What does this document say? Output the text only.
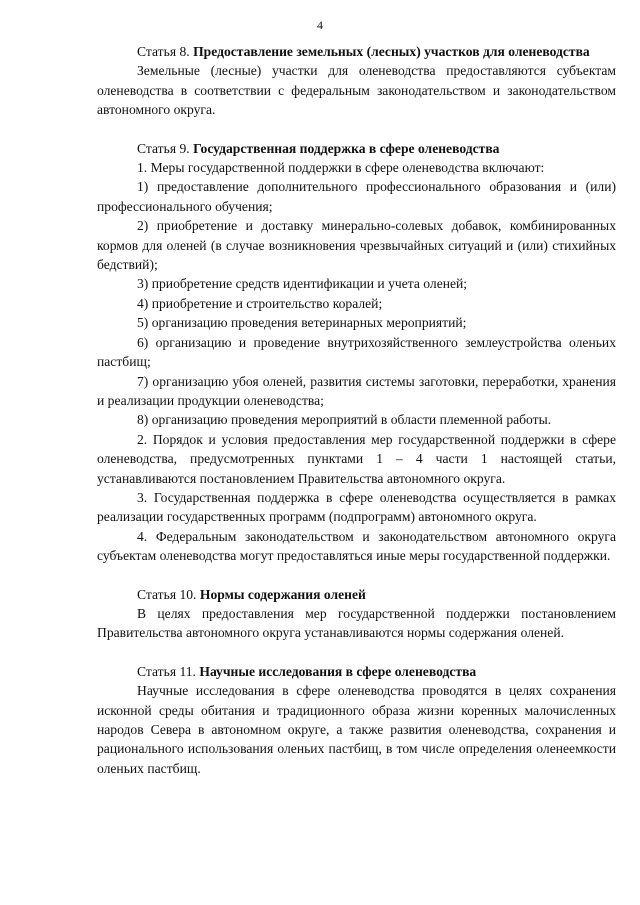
4

Статья 8. Предоставление земельных (лесных) участков для оленеводства

Земельные (лесные) участки для оленеводства предоставляются субъектам оленеводства в соответствии с федеральным законодательством и законодательством автономного округа.

Статья 9. Государственная поддержка в сфере оленеводства

1. Меры государственной поддержки в сфере оленеводства включают:

1) предоставление дополнительного профессионального образования и (или) профессионального обучения;

2) приобретение и доставку минерально-солевых добавок, комбинированных кормов для оленей (в случае возникновения чрезвычайных ситуаций и (или) стихийных бедствий);

3) приобретение средств идентификации и учета оленей;

4) приобретение и строительство коралей;

5) организацию проведения ветеринарных мероприятий;

6) организацию и проведение внутрихозяйственного землеустройства оленьих пастбищ;

7) организацию убоя оленей, развития системы заготовки, переработки, хранения и реализации продукции оленеводства;

8) организацию проведения мероприятий в области племенной работы.

2. Порядок и условия предоставления мер государственной поддержки в сфере оленеводства, предусмотренных пунктами 1 – 4 части 1 настоящей статьи, устанавливаются постановлением Правительства автономного округа.

3. Государственная поддержка в сфере оленеводства осуществляется в рамках реализации государственных программ (подпрограмм) автономного округа.

4. Федеральным законодательством и законодательством автономного округа субъектам оленеводства могут предоставляться иные меры государственной поддержки.

Статья 10. Нормы содержания оленей

В целях предоставления мер государственной поддержки постановлением Правительства автономного округа устанавливаются нормы содержания оленей.

Статья 11. Научные исследования в сфере оленеводства

Научные исследования в сфере оленеводства проводятся в целях сохранения исконной среды обитания и традиционного образа жизни коренных малочисленных народов Севера в автономном округе, а также развития оленеводства, сохранения и рационального использования оленьих пастбищ, в том числе определения оленеемкости оленьих пастбищ.
